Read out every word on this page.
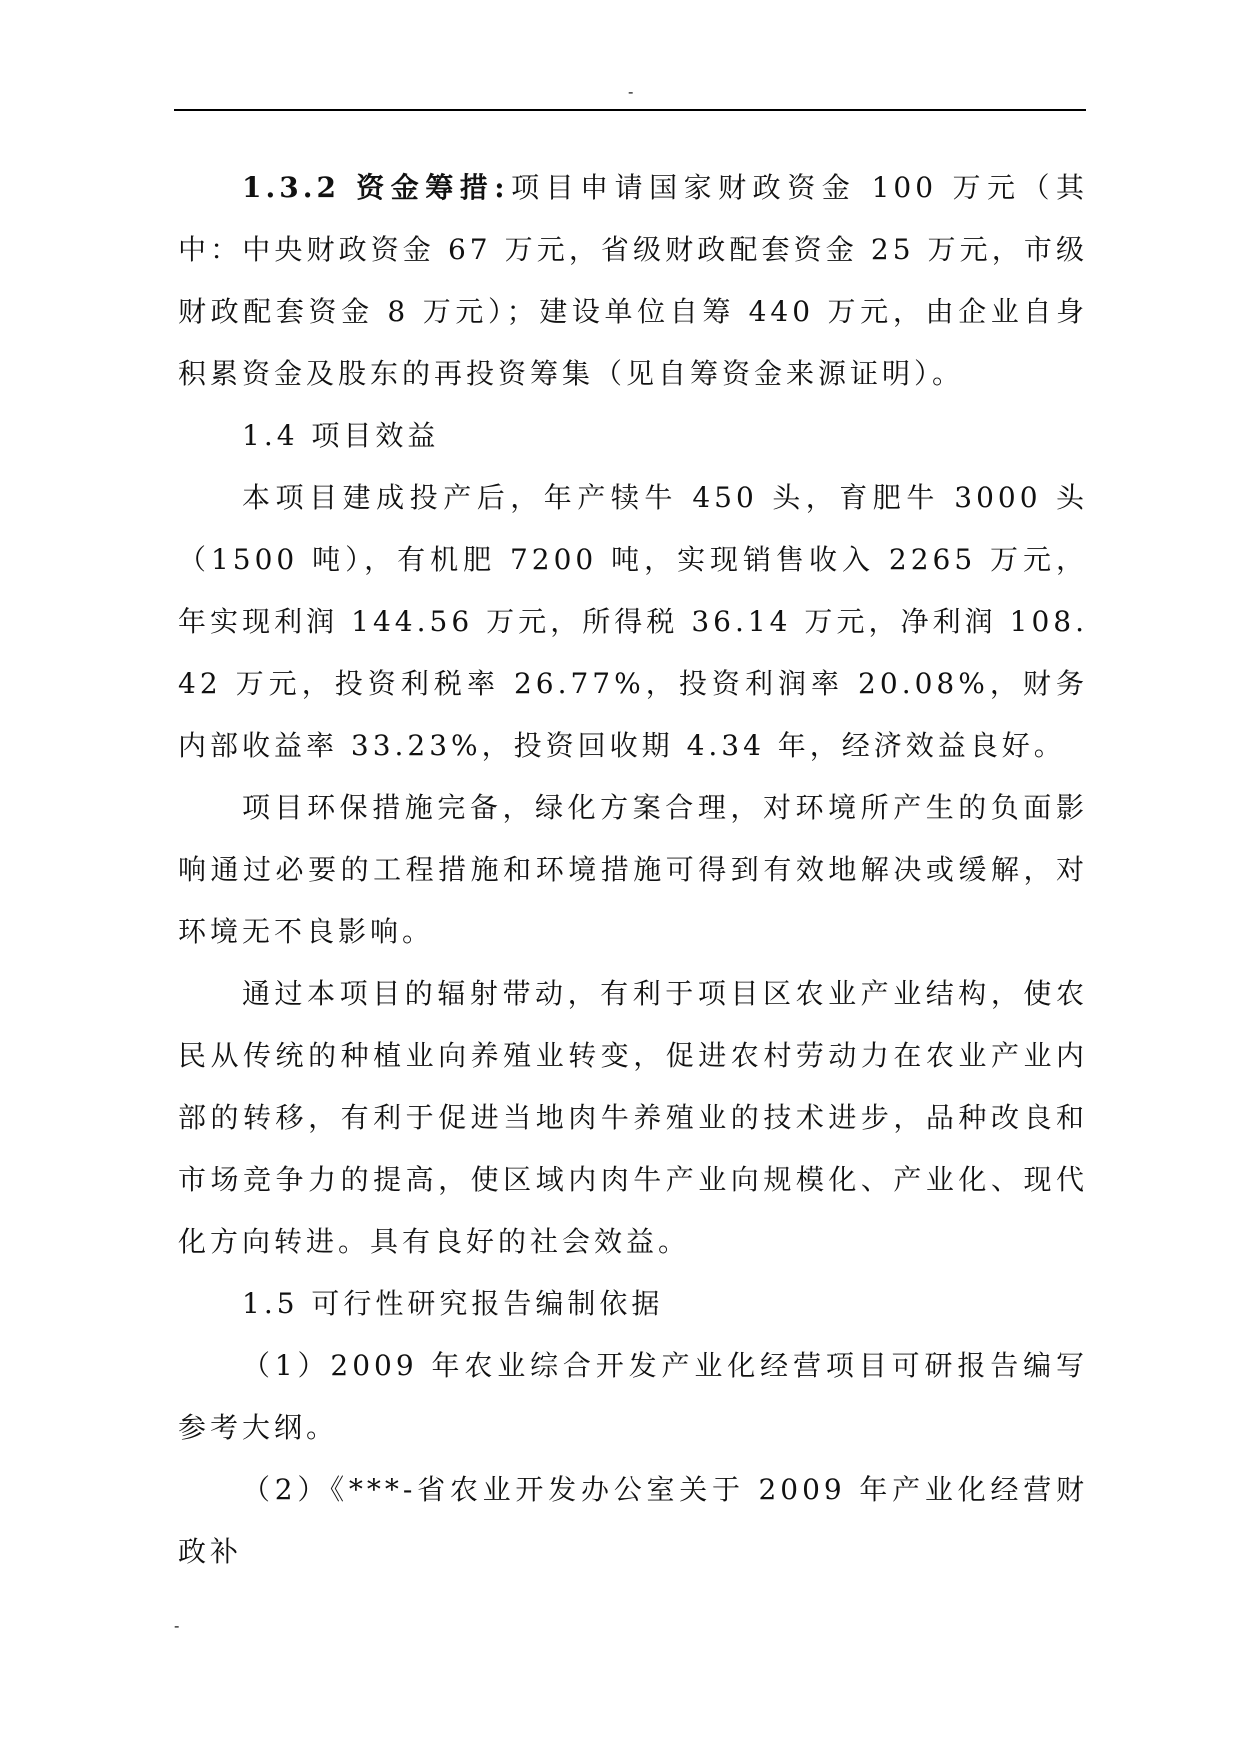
-

1.3.2 资金筹措:项目申请国家财政资金 100 万元（其中：中央财政资金 67 万元，省级财政配套资金 25 万元，市级财政配套资金 8 万元）；建设单位自筹 440 万元，由企业自身积累资金及股东的再投资筹集（见自筹资金来源证明）。

1.4 项目效益

本项目建成投产后，年产犊牛 450 头，育肥牛 3000 头（1500 吨），有机肥 7200 吨，实现销售收入 2265 万元，年实现利润 144.56 万元，所得税 36.14 万元，净利润 108.42 万元，投资利税率 26.77%，投资利润率 20.08%，财务内部收益率 33.23%，投资回收期 4.34 年，经济效益良好。

项目环保措施完备，绿化方案合理，对环境所产生的负面影响通过必要的工程措施和环境措施可得到有效地解决或缓解，对环境无不良影响。

通过本项目的辐射带动，有利于项目区农业产业结构，使农民从传统的种植业向养殖业转变，促进农村劳动力在农业产业内部的转移，有利于促进当地肉牛养殖业的技术进步，品种改良和市场竞争力的提高，使区域内肉牛产业向规模化、产业化、现代化方向转进。具有良好的社会效益。

1.5 可行性研究报告编制依据

（1）2009 年农业综合开发产业化经营项目可研报告编写参考大纲。

（2）《***-省农业开发办公室关于 2009 年产业化经营财政补

-
